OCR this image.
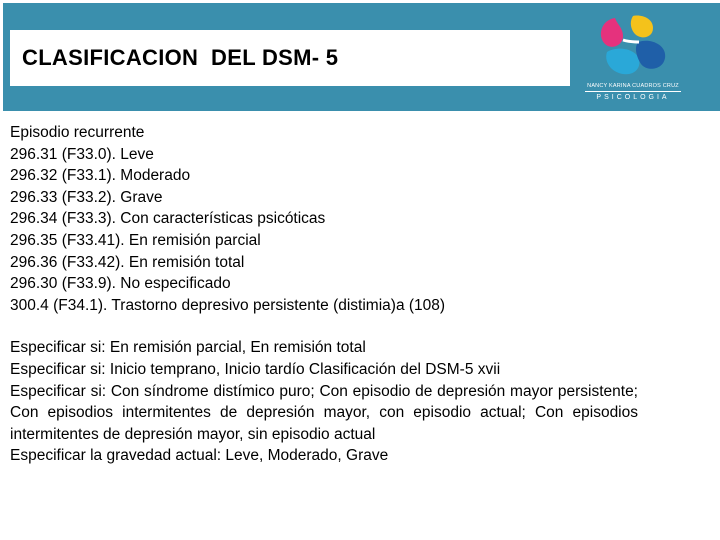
CLASIFICACION  DEL DSM- 5
NANCY KARINA CUADROS CRUZ
PSICOLOGIA
Episodio recurrente
296.31 (F33.0). Leve
296.32 (F33.1). Moderado
296.33 (F33.2). Grave
296.34 (F33.3). Con características psicóticas
296.35 (F33.41). En remisión parcial
296.36 (F33.42). En remisión total
296.30 (F33.9). No especificado
300.4 (F34.1). Trastorno depresivo persistente (distimia)a (108)

Especificar si: En remisión parcial, En remisión total

Especificar si: Inicio temprano, Inicio tardío Clasificación del DSM-5 xvii

Especificar si: Con síndrome distímico puro; Con episodio de depresión mayor persistente; Con episodios intermitentes de depresión mayor, con episodio actual; Con episodios intermitentes de depresión mayor, sin episodio actual

Especificar la gravedad actual: Leve, Moderado, Grave
